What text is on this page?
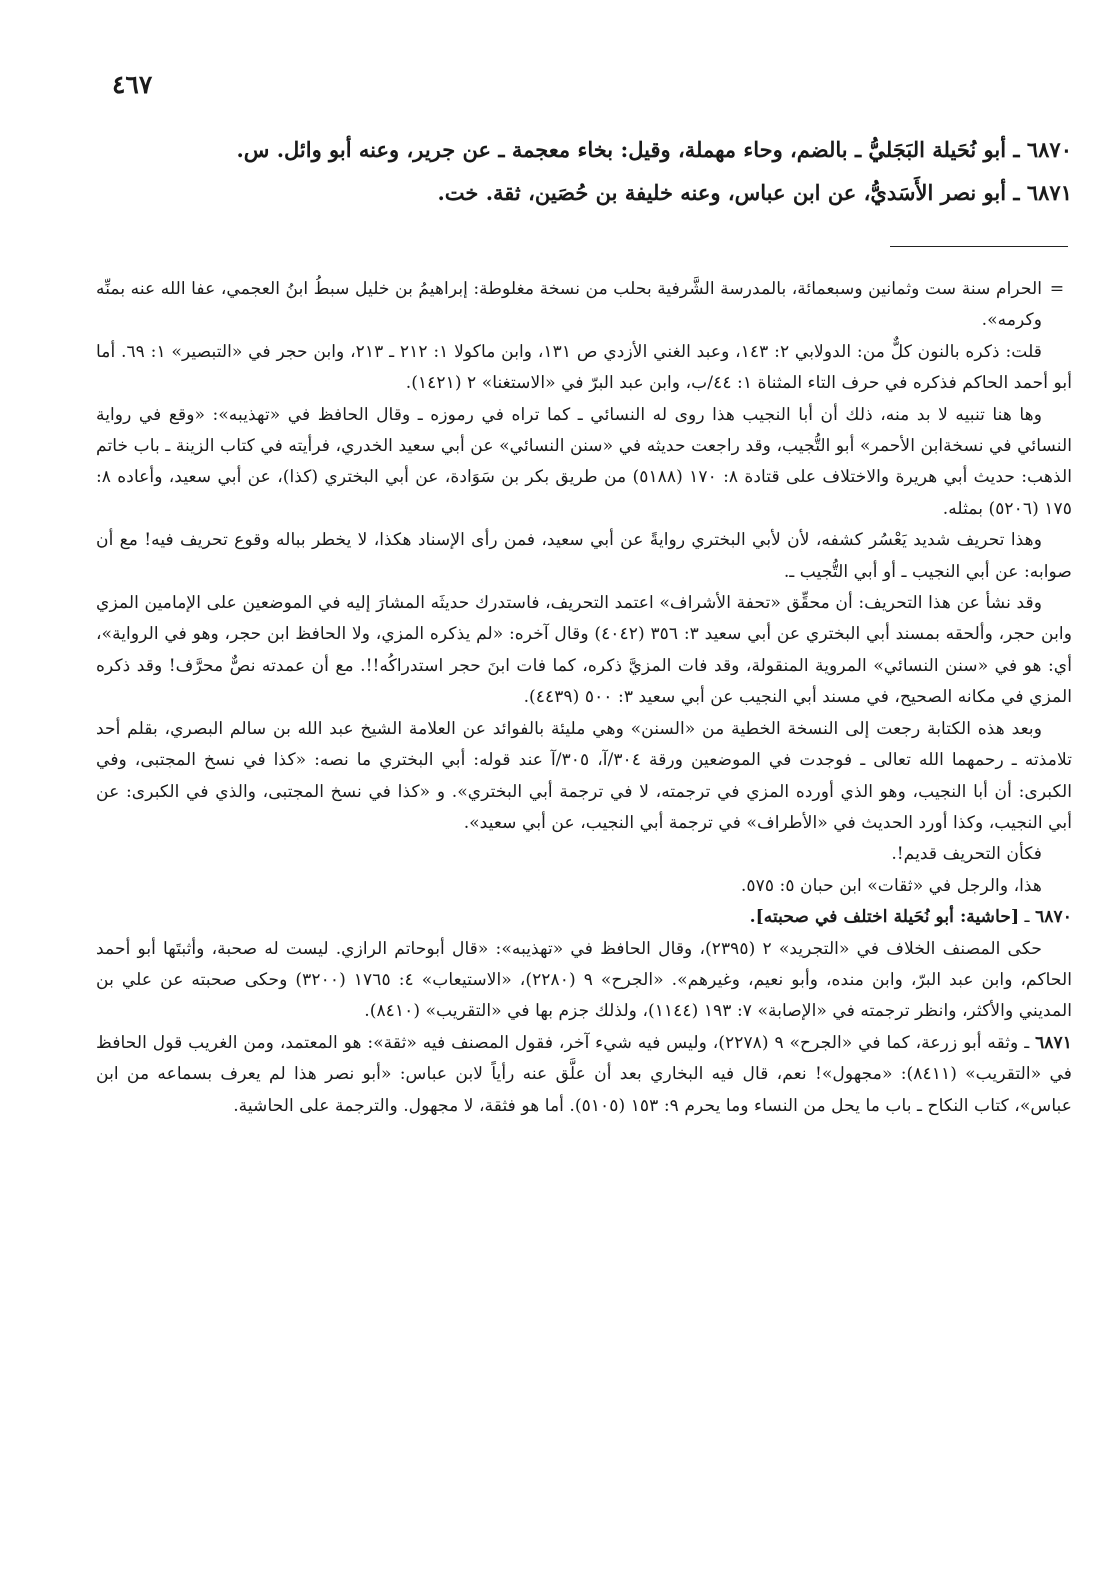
٤٦٧

٦٨٧٠ ـ أبو نُحَيلة البَجَليُّ ـ بالضم، وحاء مهملة، وقيل: بخاء معجمة ـ عن جرير، وعنه أبو وائل. س.

٦٨٧١ ـ أبو نصر الأَسَديُّ، عن ابن عباس، وعنه خليفة بن حُصَين، ثقة. خت.

=
الحرام سنة ست وثمانين وسبعمائة، بالمدرسة الشَّرفية بحلب من نسخة مغلوطة: إبراهيمُ بن خليل سبطُ ابنُ العجمي، عفا الله عنه بمنِّه وكرمه».

قلت: ذكره بالنون كلٌّ من: الدولابي ٢: ١٤٣، وعبد الغني الأزدي ص ١٣١، وابن ماكولا ١: ٢١٢ ـ ٢١٣، وابن حجر في «التبصير» ١: ٦٩. أما أبو أحمد الحاكم فذكره في حرف التاء المثناة ١: ٤٤/ب، وابن عبد البرّ في «الاستغنا» ٢ (١٤٢١).

وها هنا تنبيه لا بد منه، ذلك أن أبا النجيب هذا روى له النسائي ـ كما تراه في رموزه ـ وقال الحافظ في «تهذيبه»: «وقع في رواية النسائي في نسخةابن الأحمر» أبو التُّجيب، وقد راجعت حديثه في «سنن النسائي» عن أبي سعيد الخدري، فرأيته في كتاب الزينة ـ باب خاتم الذهب: حديث أبي هريرة والاختلاف على قتادة ٨: ١٧٠ (٥١٨٨) من طريق بكر بن سَوَادة، عن أبي البختري (كذا)، عن أبي سعيد، وأعاده ٨: ١٧٥ (٥٢٠٦) بمثله.

وهذا تحريف شديد يَعْسُر كشفه، لأن لأبي البختري روايةً عن أبي سعيد، فمن رأى الإسناد هكذا، لا يخطر بباله وقوع تحريف فيه! مع أن صوابه: عن أبي النجيب ـ أو أبي التُّجيب ـ.

وقد نشأ عن هذا التحريف: أن محقِّق «تحفة الأشراف» اعتمد التحريف، فاستدرك حديثَه المشارَ إليه في الموضعين على الإمامين المزي وابن حجر، وألحقه بمسند أبي البختري عن أبي سعيد ٣: ٣٥٦ (٤٠٤٢) وقال آخره: «لم يذكره المزي، ولا الحافظ ابن حجر، وهو في الرواية»، أي: هو في «سنن النسائي» المروية المنقولة، وقد فات المزيَّ ذكره، كما فات ابنَ حجر استدراكُه!!. مع أن عمدته نصٌّ محرَّف! وقد ذكره المزي في مكانه الصحيح، في مسند أبي النجيب عن أبي سعيد ٣: ٥٠٠ (٤٤٣٩).

وبعد هذه الكتابة رجعت إلى النسخة الخطية من «السنن» وهي مليئة بالفوائد عن العلامة الشيخ عبد الله بن سالم البصري، بقلم أحد تلامذته ـ رحمهما الله تعالى ـ فوجدت في الموضعين ورقة ٣٠٤/آ، ٣٠٥/آ عند قوله: أبي البختري ما نصه: «كذا في نسخ المجتبى، وفي الكبرى: أن أبا النجيب، وهو الذي أورده المزي في ترجمته، لا في ترجمة أبي البختري». و «كذا في نسخ المجتبى، والذي في الكبرى: عن أبي النجيب، وكذا أورد الحديث في «الأطراف» في ترجمة أبي النجيب، عن أبي سعيد».

فكأن التحريف قديم!.

هذا، والرجل في «ثقات» ابن حبان ٥: ٥٧٥.

٦٨٧٠ ـ [حاشية: أبو نُحَيلة اختلف في صحبته].

حكى المصنف الخلاف في «التجريد» ٢ (٢٣٩٥)، وقال الحافظ في «تهذيبه»: «قال أبوحاتم الرازي. ليست له صحبة، وأثبتَها أبو أحمد الحاكم، وابن عبد البرّ، وابن منده، وأبو نعيم، وغيرهم». «الجرح» ٩ (٢٢٨٠)، «الاستيعاب» ٤: ١٧٦٥ (٣٢٠٠) وحكى صحبته عن علي بن المديني والأكثر، وانظر ترجمته في «الإصابة» ٧: ١٩٣ (١١٤٤)، ولذلك جزم بها في «التقريب» (٨٤١٠).

٦٨٧١ ـ وثقه أبو زرعة، كما في «الجرح» ٩ (٢٢٧٨)، وليس فيه شيء آخر، فقول المصنف فيه «ثقة»: هو المعتمد، ومن الغريب قول الحافظ في «التقريب» (٨٤١١): «مجهول»! نعم، قال فيه البخاري بعد أن علَّق عنه رأياً لابن عباس: «أبو نصر هذا لم يعرف بسماعه من ابن عباس»، كتاب النكاح ـ باب ما يحل من النساء وما يحرم ٩: ١٥٣ (٥١٠٥). أما هو فثقة، لا مجهول. والترجمة على الحاشية.
